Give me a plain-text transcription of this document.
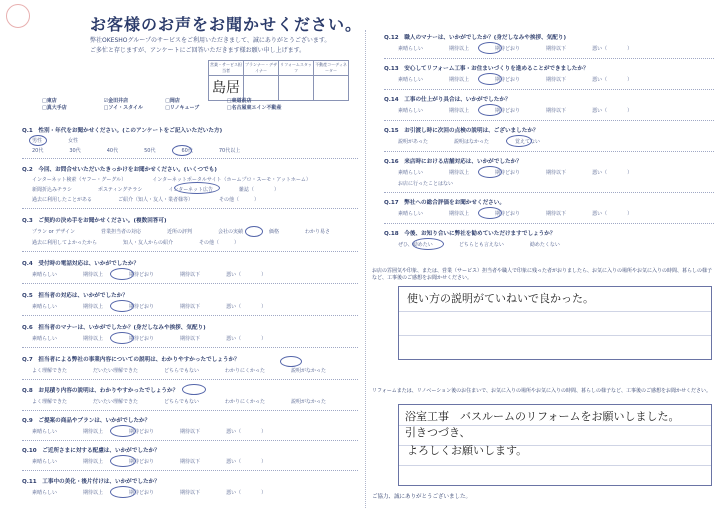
お客様のお声をお聞かせください。
弊社OKESHOグループのサービスをご利用いただきまして、誠にありがとうございます。
ご多忙と存じますが、アンケートにご回答いただきます様お願い申し上げます。
営業・サービス担当者	プランナー・デザイナー	リフォームスタッフ	不動産コーディネーター
島居			
□東店	☑金田井店	□岡店	□東道前店
□真大手店	□ソイ・スタイル	□リノキューブ	□名古屋東エイン不動産
Q.1　性別・年代をお聞かせください。(このアンケートをご記入いただいた方)
男性	女性
20代	30代	40代	50代	60代	70代以上
Q.2　今回、お問合せいただいたきっかけをお聞かせください。(いくつでも)
インターネット検索（ヤフー・グーグル）	インターネットポータルサイト（ホームプロ・スーモ・アットホーム）
新聞折込みチラシ	ポスティングチラシ	インターネット広告	雑誌（　　　　）
過去に利用したことがある	ご紹介（知人・友人・業者様等）	その他（　　　）
Q.3　ご契約の決め手をお聞かせください。(複数回答可)
プラン or デザイン	営業担当者の対応	近所の評判	会社の実績	価格	わかり易さ
過去に利用してよかったから	知人・友人からの紹介	その他（　　　）
Q.4　受付時の電話対応は、いかがでしたか？
素晴らしい	期待以上	期待どおり	期待以下	悪い（　　　　）
Q.5　担当者の対応は、いかがでしたか？
素晴らしい	期待以上	期待どおり	期待以下	悪い（　　　　）
Q.6　担当者のマナーは、いかがでしたか？(身だしなみや挨拶、気配り)
素晴らしい	期待以上	期待どおり	期待以下	悪い（　　　　）
Q.7　担当者による弊社の事業内容についての説明は、わかりやすかったでしょうか？
よく理解できた	だいたい理解できた	どちらでもない	わかりにくかった	説明がなかった
Q.8　お見積り内容の説明は、わかりやすかったでしょうか？
よく理解できた	だいたい理解できた	どちらでもない	わかりにくかった	説明がなかった
Q.9　ご提案の商品やプランは、いかがでしたか？
素晴らしい	期待以上	期待どおり	期待以下	悪い（　　　　）
Q.10　ご近所さまに対する配慮は、いかがでしたか？
素晴らしい	期待以上	期待どおり	期待以下	悪い（　　　　）
Q.11　工事中の美化・後片付けは、いかがでしたか？
素晴らしい	期待以上	期待どおり	期待以下	悪い（　　　　）
Q.12　職人のマナーは、いかがでしたか？(身だしなみや挨拶、気配り)
素晴らしい	期待以上	期待どおり	期待以下	悪い（　　　　）
Q.13　安心してリフォーム工事・お住まいづくりを進めることができましたか？
素晴らしい	期待以上	期待どおり	期待以下	悪い（　　　　）
Q.14　工事の仕上がり具合は、いかがでしたか？
素晴らしい	期待以上	期待どおり	期待以下	悪い（　　　　）
Q.15　お引渡し時に次回の点検の説明は、ございましたか？
説明があった	説明はなかった	覚えてない
Q.16　来店時における店舗対応は、いかがでしたか？
素晴らしい	期待以上	期待どおり	期待以下	悪い（　　　　）
お店に行ったことはない
Q.17　弊社への総合評価をお聞かせください。
素晴らしい	期待以上	期待どおり	期待以下	悪い（　　　　）
Q.18　今後、お知り合いに弊社を勧めていただけますでしょうか？
ぜひ、勧めたい	どちらとも言えない	勧めたくない
お店の雰囲気や印象、または、営業（サービス）担当者や職人で印象に残った者がおりましたら、お気に入りの場所やお気に入りの時間、暮らしの様子など、工事後のご感想をお聞かせください。
使い方の説明がていねいで良かった。
リフォームまたは、リノベーション後のお住まいで、お気に入りの場所やお気に入りの時間、暮らしの様子など、工事後のご感想をお聞かせください。
浴室工事　バスルームのリフォームをお願いしました。
引きつづき、
よろしくお願いします。
ご協力、誠にありがとうございました。
